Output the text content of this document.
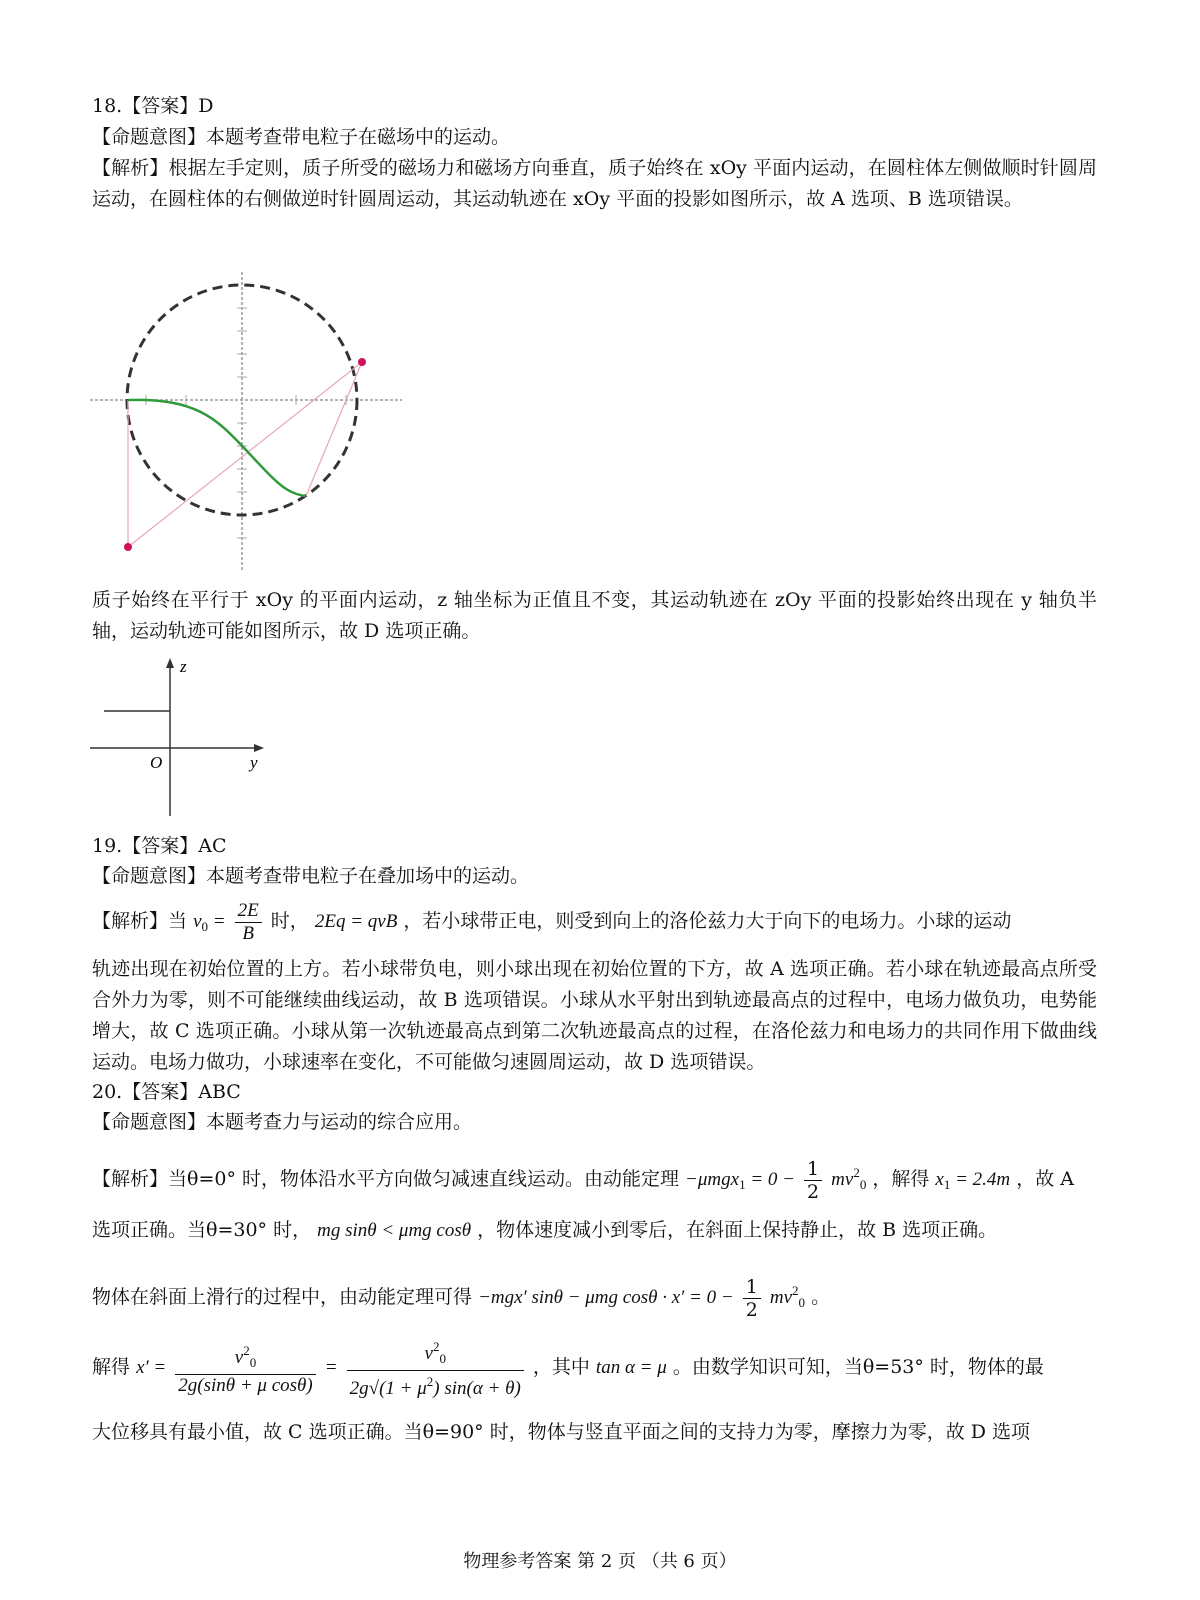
18.【答案】D
【命题意图】本题考查带电粒子在磁场中的运动。
【解析】根据左手定则，质子所受的磁场力和磁场方向垂直，质子始终在 xOy 平面内运动，在圆柱体左侧做顺时针圆周运动，在圆柱体的右侧做逆时针圆周运动，其运动轨迹在 xOy 平面的投影如图所示，故 A 选项、B 选项错误。
质子始终在平行于 xOy 的平面内运动，z 轴坐标为正值且不变，其运动轨迹在 zOy 平面的投影始终出现在 y 轴负半轴，运动轨迹可能如图所示，故 D 选项正确。
z
y
O
19.【答案】AC
【命题意图】本题考查带电粒子在叠加场中的运动。
【解析】当 $v_0 = \frac{2E}{B}$ 时， 2Eq = qvB ，若小球带正电，则受到向上的洛伦兹力大于向下的电场力。小球的运动
轨迹出现在初始位置的上方。若小球带负电，则小球出现在初始位置的下方，故 A 选项正确。若小球在轨迹最高点所受合外力为零，则不可能继续曲线运动，故 B 选项错误。小球从水平射出到轨迹最高点的过程中，电场力做负功，电势能增大，故 C 选项正确。小球从第一次轨迹最高点到第二次轨迹最高点的过程，在洛伦兹力和电场力的共同作用下做曲线运动。电场力做功，小球速率在变化，不可能做匀速圆周运动，故 D 选项错误。
20.【答案】ABC
【命题意图】本题考查力与运动的综合应用。
【解析】当θ=0° 时，物体沿水平方向做匀减速直线运动。由动能定理 $-\mu mgx_1 = 0 - \frac{1}{2} mv^2_0$ ，解得 $x_1 = 2.4m$ ，故 A
选项正确。当θ=30° 时， mg sinθ < μmg cosθ ，物体速度减小到零后，在斜面上保持静止，故 B 选项正确。
物体在斜面上滑行的过程中，由动能定理可得 −mgx′ sinθ − μmg $\cos\theta \cdot x' = 0 - \frac{1}{2} mv^2_0$ 。
解得 $x' = \frac{v^2_0}{\text{2g(sinθ + μ cosθ)}} = \frac{v^2_0}{2g√(1 + \mu^2) \sin(\alpha + \theta)}$ ，其中 tan α = μ 。由数学知识可知，当θ=53° 时，物体的最
大位移具有最小值，故 C 选项正确。当θ=90° 时，物体与竖直平面之间的支持力为零，摩擦力为零，故 D 选项
物理参考答案 第 2 页 （共 6 页）
